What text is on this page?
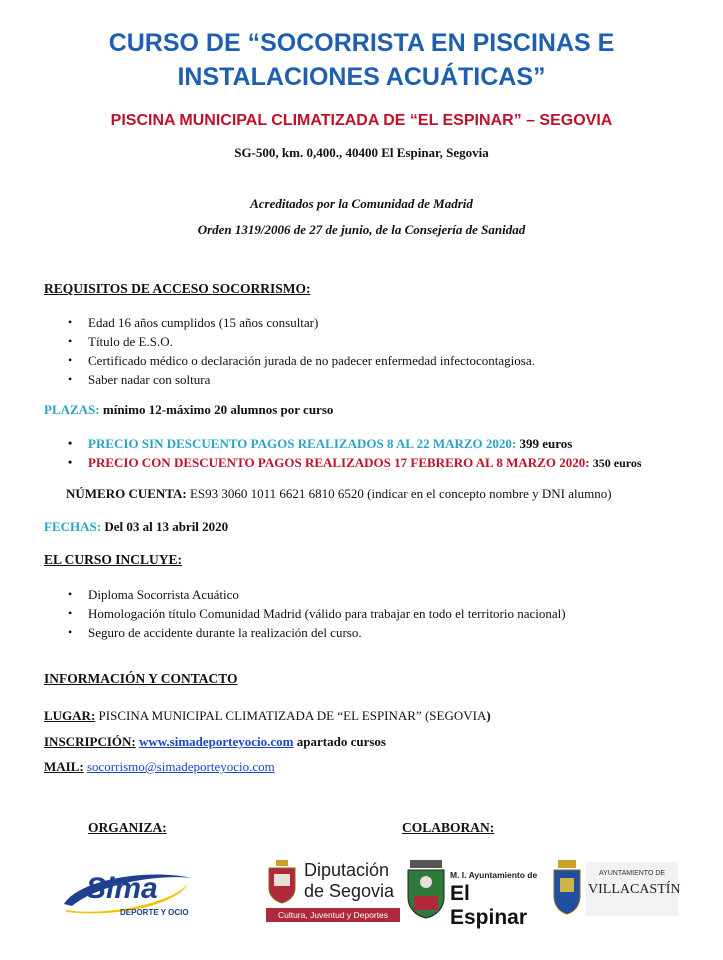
CURSO DE “SOCORRISTA EN PISCINAS E
INSTALACIONES ACUÁTICAS”
PISCINA MUNICIPAL CLIMATIZADA DE “EL ESPINAR” – SEGOVIA
SG-500, km. 0,400., 40400 El Espinar, Segovia
Acreditados por la Comunidad de Madrid
Orden 1319/2006 de 27 de junio, de la Consejería de Sanidad
REQUISITOS DE ACCESO SOCORRISMO:
• Edad 16 años cumplidos (15 años consultar)
• Título de E.S.O.
• Certificado médico o declaración jurada de no padecer enfermedad infectocontagiosa.
• Saber nadar con soltura
PLAZAS: mínimo 12-máximo 20 alumnos por curso
• PRECIO SIN DESCUENTO PAGOS REALIZADOS 8 AL 22 MARZO 2020: 399 euros
• PRECIO CON DESCUENTO PAGOS REALIZADOS 17 FEBRERO AL 8 MARZO 2020: 350 euros
NÚMERO CUENTA: ES93 3060 1011 6621 6810 6520 (indicar en el concepto nombre y DNI alumno)
FECHAS: Del 03 al 13 abril 2020
EL CURSO INCLUYE:
• Diploma Socorrista Acuático
• Homologación título Comunidad Madrid (válido para trabajar en todo el territorio nacional)
• Seguro de accidente durante la realización del curso.
INFORMACIÓN Y CONTACTO
LUGAR: PISCINA MUNICIPAL CLIMATIZADA DE “EL ESPINAR” (SEGOVIA)
INSCRIPCIÓN: www.simadeporteyocio.com apartado cursos
MAIL: socorrismo@simadeporteyocio.com
ORGANIZA:	COLABORAN:
Sima
DEPORTE Y OCIO
Diputación
de Segovia
Cultura, Juventud y Deportes
M. I. Ayuntamiento de
El Espinar
AYUNTAMIENTO DE
VILLACASTÍN
